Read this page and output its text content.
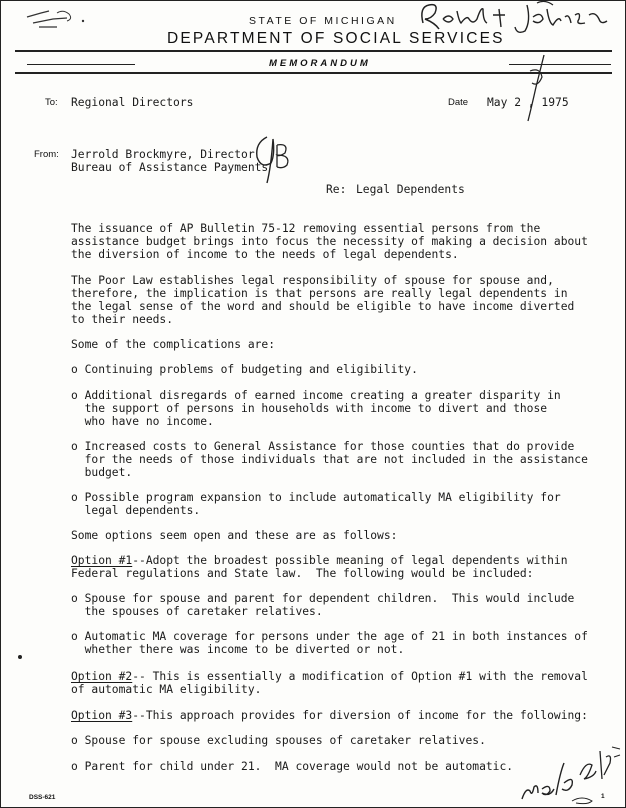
STATE OF MICHIGAN
DEPARTMENT OF SOCIAL SERVICES
MEMORANDUM
To: Regional Directors	Date May 2 , 1975
From: Jerrold Brockmyre, Director
Bureau of Assistance Payments
Re: Legal Dependents
The issuance of AP Bulletin 75-12 removing essential persons from the
assistance budget brings into focus the necessity of making a decision about
the diversion of income to the needs of legal dependents.
The Poor Law establishes legal responsibility of spouse for spouse and,
therefore, the implication is that persons are really legal dependents in
the legal sense of the word and should be eligible to have income diverted
to their needs.
Some of the complications are:
o Continuing problems of budgeting and eligibility.
o Additional disregards of earned income creating a greater disparity in
the support of persons in households with income to divert and those
who have no income.
o Increased costs to General Assistance for those counties that do provide
for the needs of those individuals that are not included in the assistance
budget.
o Possible program expansion to include automatically MA eligibility for
legal dependents.
Some options seem open and these are as follows:
Option #1--Adopt the broadest possible meaning of legal dependents within
Federal regulations and State law.  The following would be included:
o Spouse for spouse and parent for dependent children.  This would include
the spouses of caretaker relatives.
o Automatic MA coverage for persons under the age of 21 in both instances of
whether there was income to be diverted or not.
Option #2-- This is essentially a modification of Option #1 with the removal
of automatic MA eligibility.
Option #3--This approach provides for diversion of income for the following:
o Spouse for spouse excluding spouses of caretaker relatives.
o Parent for child under 21.  MA coverage would not be automatic.
DSS-621	1
